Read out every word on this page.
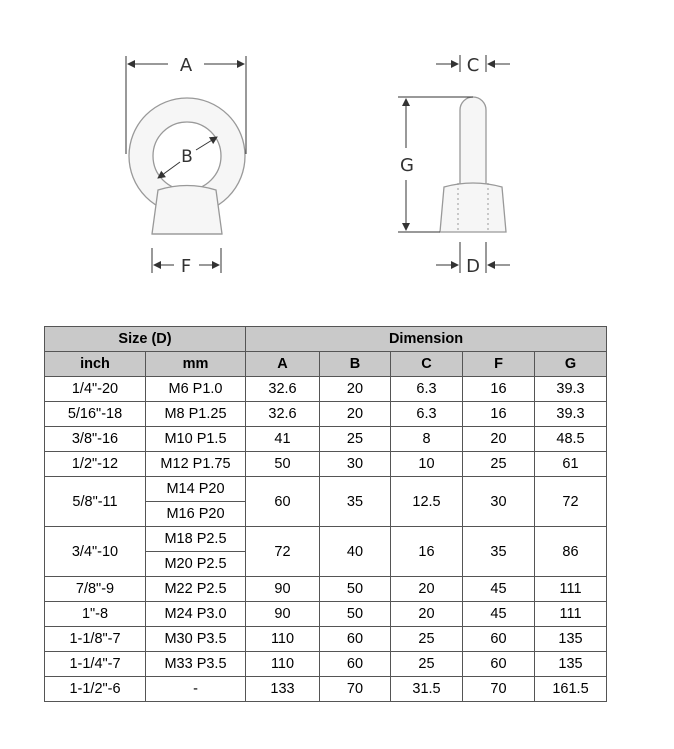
A
B
F
C
G
D
Size (D)		Dimension				
inch	mm	A	B	C	F	G
1/4"-20	M6 P1.0	32.6	20	6.3	16	39.3
5/16"-18	M8 P1.25	32.6	20	6.3	16	39.3
3/8"-16	M10 P1.5	41	25	8	20	48.5
1/2"-12	M12 P1.75	50	30	10	25	61
5/8"-11	M14 P20	60	35	12.5	30	72
	M16 P20					
3/4"-10	M18 P2.5	72	40	16	35	86
	M20 P2.5					
7/8"-9	M22 P2.5	90	50	20	45	111
1"-8	M24 P3.0	90	50	20	45	111
1-1/8"-7	M30 P3.5	110	60	25	60	135
1-1/4"-7	M33 P3.5	110	60	25	60	135
1-1/2"-6	-	133	70	31.5	70	161.5
